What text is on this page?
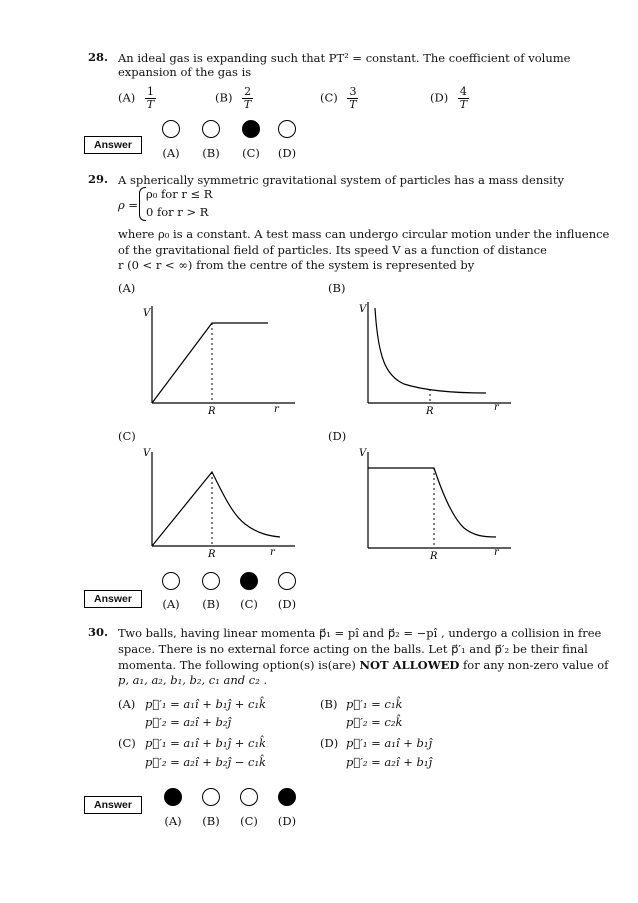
28. An ideal gas is expanding such that PT² = constant. The coefficient of volume
expansion of the gas is
$(A) \frac{1}{T}$	$(B) \frac{2}{T}$	$(C) \frac{3}{T}$	$(D) \frac{4}{T}$
Answer
(A)	(B)	(C)	(D)
29. A spherically symmetric gravitational system of particles has a mass density
ρ =
ρ₀ for r ≤ R
0 for r > R
where ρ₀ is a constant. A test mass can undergo circular motion under the influence
of the gravitational field of particles. Its speed V as a function of distance
r (0 < r < ∞) from the centre of the system is represented by
(A)
V
R	r
(B)
V
R	r
(C)
V
R	r
(D)
V
R	r
Answer	(A)	(B)	(C)	(D)
30. Two balls, having linear momenta p⃗₁ = pî and p⃗₂ = −pî , undergo a collision in free
space. There is no external force acting on the balls. Let p⃗′₁ and p⃗′₂ be their final
momenta. The following option(s) is(are) NOT ALLOWED for any non-zero value of
p, a₁, a₂, b₁, b₂, c₁ and c₂ .
(A) p⃗′₁ = a₁î + b₁ĵ + c₁k̂
p⃗′₂ = a₂î + b₂ĵ
(B) p⃗′₁ = c₁k̂
p⃗′₂ = c₂k̂
(C) p⃗′₁ = a₁î + b₁ĵ + c₁k̂
p⃗′₂ = a₂î + b₂ĵ − c₁k̂
(D) p⃗′₁ = a₁î + b₁ĵ
p⃗′₂ = a₂î + b₁ĵ
Answer
(A)	(B)	(C)	(D)
